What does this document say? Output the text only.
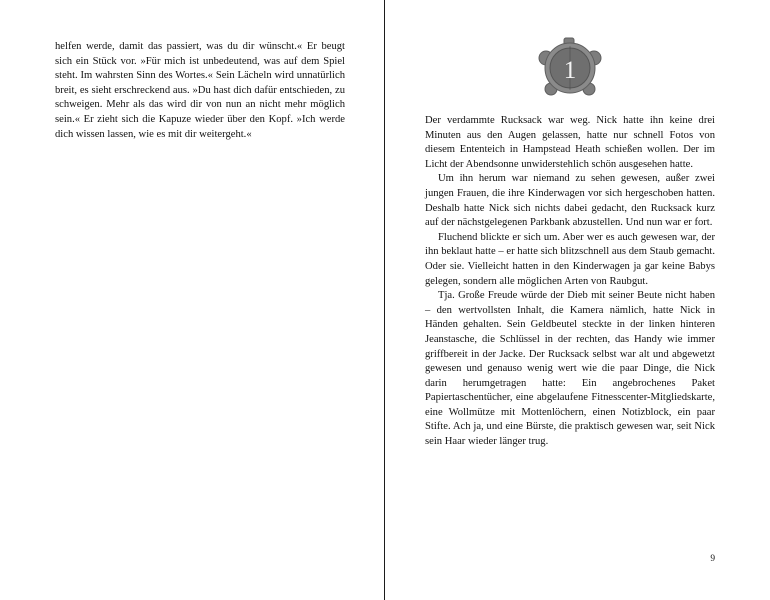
helfen werde, damit das passiert, was du dir wünscht.« Er beugt sich ein Stück vor. »Für mich ist unbedeutend, was auf dem Spiel steht. Im wahrsten Sinn des Wortes.« Sein Lächeln wird unnatürlich breit, es sieht erschreckend aus. »Du hast dich dafür entschieden, zu schweigen. Mehr als das wird dir von nun an nicht mehr möglich sein.« Er zieht sich die Kapuze wieder über den Kopf. »Ich werde dich wissen lassen, wie es mit dir weitergeht.«

1

Der verdammte Rucksack war weg. Nick hatte ihn keine drei Minuten aus den Augen gelassen, hatte nur schnell Fotos von diesem Ententeich in Hampstead Heath schießen wollen. Der im Licht der Abendsonne unwiderstehlich schön ausgesehen hatte.

Um ihn herum war niemand zu sehen gewesen, außer zwei jungen Frauen, die ihre Kinderwagen vor sich hergeschoben hatten. Deshalb hatte Nick sich nichts dabei gedacht, den Rucksack kurz auf der nächstgelegenen Parkbank abzustellen. Und nun war er fort.

Fluchend blickte er sich um. Aber wer es auch gewesen war, der ihn beklaut hatte – er hatte sich blitzschnell aus dem Staub gemacht. Oder sie. Vielleicht hatten in den Kinderwagen ja gar keine Babys gelegen, sondern alle möglichen Arten von Raubgut.

Tja. Große Freude würde der Dieb mit seiner Beute nicht haben – den wertvollsten Inhalt, die Kamera nämlich, hatte Nick in Händen gehalten. Sein Geldbeutel steckte in der linken hinteren Jeanstasche, die Schlüssel in der rechten, das Handy wie immer griffbereit in der Jacke. Der Rucksack selbst war alt und abgewetzt gewesen und genauso wenig wert wie die paar Dinge, die Nick darin herumgetragen hatte: Ein angebrochenes Paket Papiertaschentücher, eine abgelaufene Fitnesscenter-Mitgliedskarte, eine Wollmütze mit Mottenlöchern, einen Notizblock, ein paar Stifte. Ach ja, und eine Bürste, die praktisch gewesen war, seit Nick sein Haar wieder länger trug.

9
